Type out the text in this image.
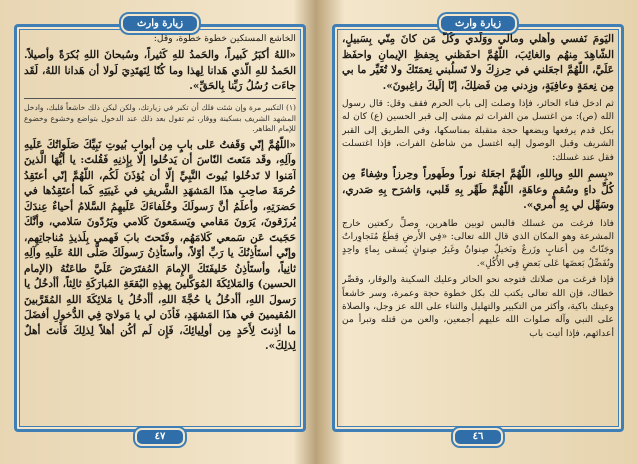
زيارة وارث

الخاشع المستكين خطوة خطوة، وقل:

«اللهُ أكبَرُ كَبيراً، والحَمدُ للهِ كَثيراً، وسُبحانَ اللهِ بُكرَةً وأصيلاً. الحَمدُ للهِ الّذي هَدانا لِهذا وما كُنّا لِنَهتَدِيَ لَولا أن هَدانا اللهُ، لَقَد جاءَت رُسُلُ رَبِّنا بِالحَقِّ».

(١) التكبير مرة وإن شئت فلك أن تكبر في زيارتك، ولكن ليكن ذلك خاشعاً قلبك، وادخل المشهد الشريف بسكينة ووقار، ثم تقول بعد ذلك عند الدخول بتواضع وخشوع وخضوع للإمام الطاهر.

«اللّهُمَّ إنّي وَقَفتُ عَلى بابٍ مِن أبوابِ بُيوتِ نَبِيِّكَ صَلَواتُكَ عَلَيهِ وآلِهِ، وقَد مَنَعتَ النّاسَ أن يَدخُلوا إلّا بِإِذنِهِ فَقُلتَ: يا أيُّهَا الَّذينَ آمَنوا لا تَدخُلوا بُيوتَ النَّبِيِّ إلّا أن يُؤذَنَ لَكُم، اللّهُمَّ إنّي أعتَقِدُ حُرمَةَ صاحِبِ هذَا المَشهَدِ الشَّريفِ في غَيبَتِهِ كَما أعتَقِدُها في حَضرَتِهِ، وأعلَمُ أنَّ رَسولَكَ وخُلَفاءَكَ عَلَيهِمُ السَّلامُ أحياءٌ عِندَكَ يُرزَقونَ، يَرَونَ مَقامي ويَسمَعونَ كَلامي ويَرُدّونَ سَلامي، وأنَّكَ حَجَبتَ عَن سَمعي كَلامَهُم، وفَتَحتَ بابَ فَهمي بِلَذيذِ مُناجاتِهِم، وإنّي أستَأذِنُكَ يا رَبِّ أوّلاً، وأستَأذِنُ رَسولَكَ صَلَّى اللهُ عَلَيهِ وآلِهِ ثانِياً، وأستَأذِنُ خَليفَتَكَ الإِمامَ المُفتَرَضَ عَلَيَّ طاعَتُهُ (الإمام الحسين) وَالمَلائِكَةَ المُوَكَّلينَ بِهذِهِ البُقعَةِ المُبارَكَةِ ثالِثاً، أأدخُلُ يا رَسولَ اللهِ، أأدخُلُ يا حُجَّةَ اللهِ، أأدخُلُ يا مَلائِكَةَ اللهِ المُقَرَّبينَ المُقيمينَ في هذَا المَشهَدِ، فَأذَن لي يا مَولايَ فِي الدُّخولِ أفضَلَ ما أذِنتَ لِأَحَدٍ مِن أولِيائِكَ، فَإِن لَم أكُن أهلاً لِذلِكَ فَأَنتَ أهلٌ لِذلِكَ».

٤٧
زيارة وارث

اليَومَ نَفسي وأهلي ومالي ووَلَدي وكُلَّ مَن كانَ مِنّي بِسَبيلٍ، الشّاهِدَ مِنهُم والغائِبَ، اللّهُمَّ احفَظني بِحِفظِ الإيمانِ واحفَظ عَلَيَّ، اللّهُمَّ اجعَلني في حِرزِكَ ولا تَسلُبني نِعمَتَكَ ولا تُغَيِّر ما بي مِن نِعمَةٍ وعافِيَةٍ، وزِدني مِن فَضلِكَ، إنّا إلَيكَ راغِبونَ».

ثم ادخل فناء الحائر، فإذا وصلت إلى باب الحرم فقف وقل: قال رسول الله (ص): من اغتسل من الفرات ثم مشى إلى قبر الحسين (ع) كان له بكل قدم يرفعها ويضعها حجة متقبلة بمناسكها، وفي الطريق إلى القبر الشريف وقبل الوصول إليه اغتسل من شاطئ الفرات، فإذا اغتسلت فقل عند غسلك:

«بِسمِ اللهِ وبِاللهِ، اللّهُمَّ اجعَلهُ نوراً وطَهوراً وحِرزاً وشِفاءً مِن كُلِّ داءٍ وسُقمٍ وعاهَةٍ، اللّهُمَّ طَهِّر بِهِ قَلبي، وَاشرَح بِهِ صَدري، وسَهِّل لي بِهِ أمري».

فاذا فرغت من غسلك فالبس ثوبين طاهرين، وصلِّ ركعتين خارج المشرعة وهو المكان الذي قال الله تعالى: «فِي الأَرضِ قِطَعٌ مُتَجاوِراتٌ وجَنّاتٌ مِن أعنابٍ وزَرعٌ ونَخيلٌ صِنوانٌ وغَيرُ صِنوانٍ يُسقى بِماءٍ واحِدٍ ونُفَضِّلُ بَعضَها عَلى بَعضٍ فِي الأُكُلِ».

فإذا فرغت من صلاتك فتوجه نحو الحائر وعليك السكينة والوقار، وقصِّر خطاك، فإن الله تعالى يكتب لك بكل خطوة حجة وعمرة، وسر خاشعاً وعينك باكية، وأكثر من التكبير والتهليل والثناء على الله عز وجل، والصلاة على النبي وآله صلوات الله عليهم أجمعين، والعن من قتله وتبرأ من أعدائهم، فإذا أتيت باب

٤٦
